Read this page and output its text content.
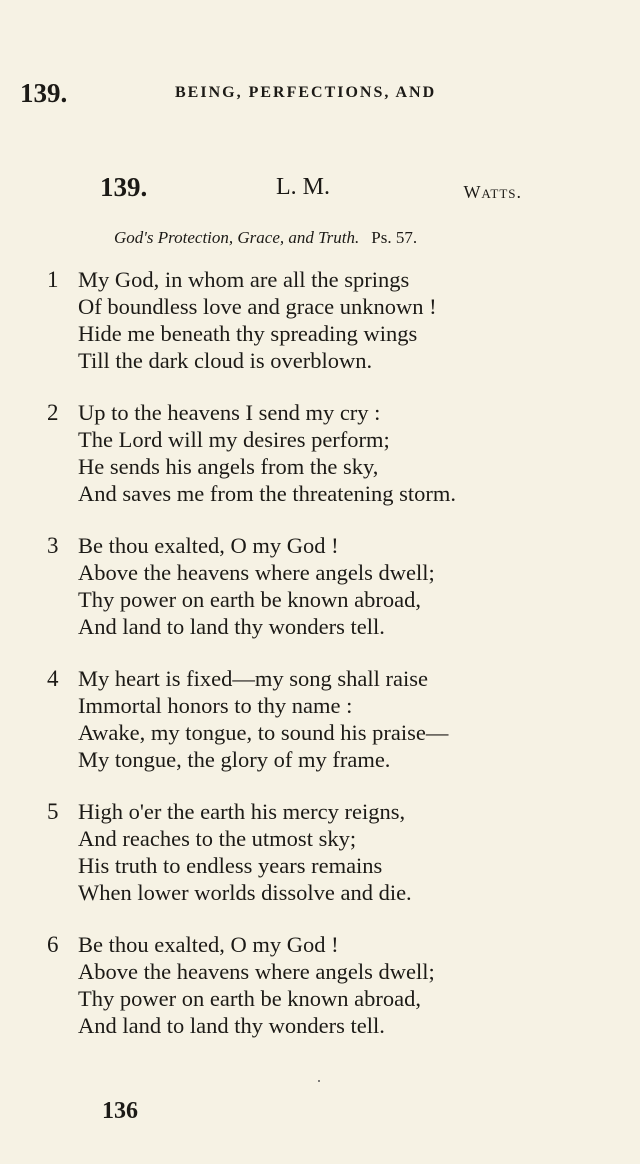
139.	BEING, PERFECTIONS, AND
139.	L. M.	Watts.
God's Protection, Grace, and Truth. Ps. 57.
1 My God, in whom are all the springs
Of boundless love and grace unknown !
Hide me beneath thy spreading wings
Till the dark cloud is overblown.
2 Up to the heavens I send my cry :
The Lord will my desires perform;
He sends his angels from the sky,
And saves me from the threatening storm.
3 Be thou exalted, O my God !
Above the heavens where angels dwell;
Thy power on earth be known abroad,
And land to land thy wonders tell.
4 My heart is fixed—my song shall raise
Immortal honors to thy name :
Awake, my tongue, to sound his praise—
My tongue, the glory of my frame.
5 High o'er the earth his mercy reigns,
And reaches to the utmost sky;
His truth to endless years remains
When lower worlds dissolve and die.
6 Be thou exalted, O my God !
Above the heavens where angels dwell;
Thy power on earth be known abroad,
And land to land thy wonders tell.
136
